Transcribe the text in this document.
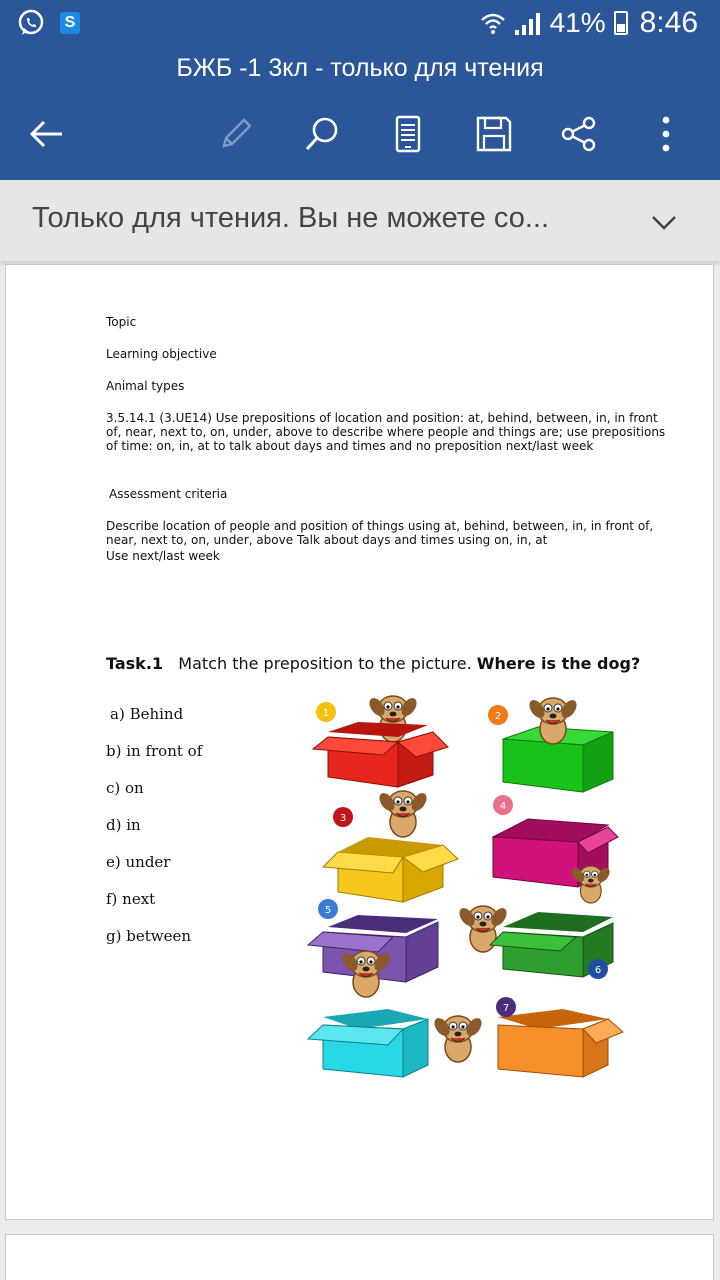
S	41% 8:46
БЖБ -1 3кл - только для чтения
Только для чтения. Вы не можете со...
Topic
Learning objective
Animal types
3.5.14.1 (3.UE14) Use prepositions of location and position: at, behind, between, in, in front of, near, next to, on, under, above to describe where people and things are; use prepositions of time: on, in, at to talk about days and times and no preposition next/last week
Assessment criteria
Describe location of people and position of things using at, behind, between, in, in front of, near, next to, on, under, above Talk about days and times using on, in, at
Use next/last week
Task.1 Match the preposition to the picture. Where is the dog?
a) Behind
b) in front of
c) on
d) in
e) under
f) next
g) between
1	2
3
4
5
6
7
